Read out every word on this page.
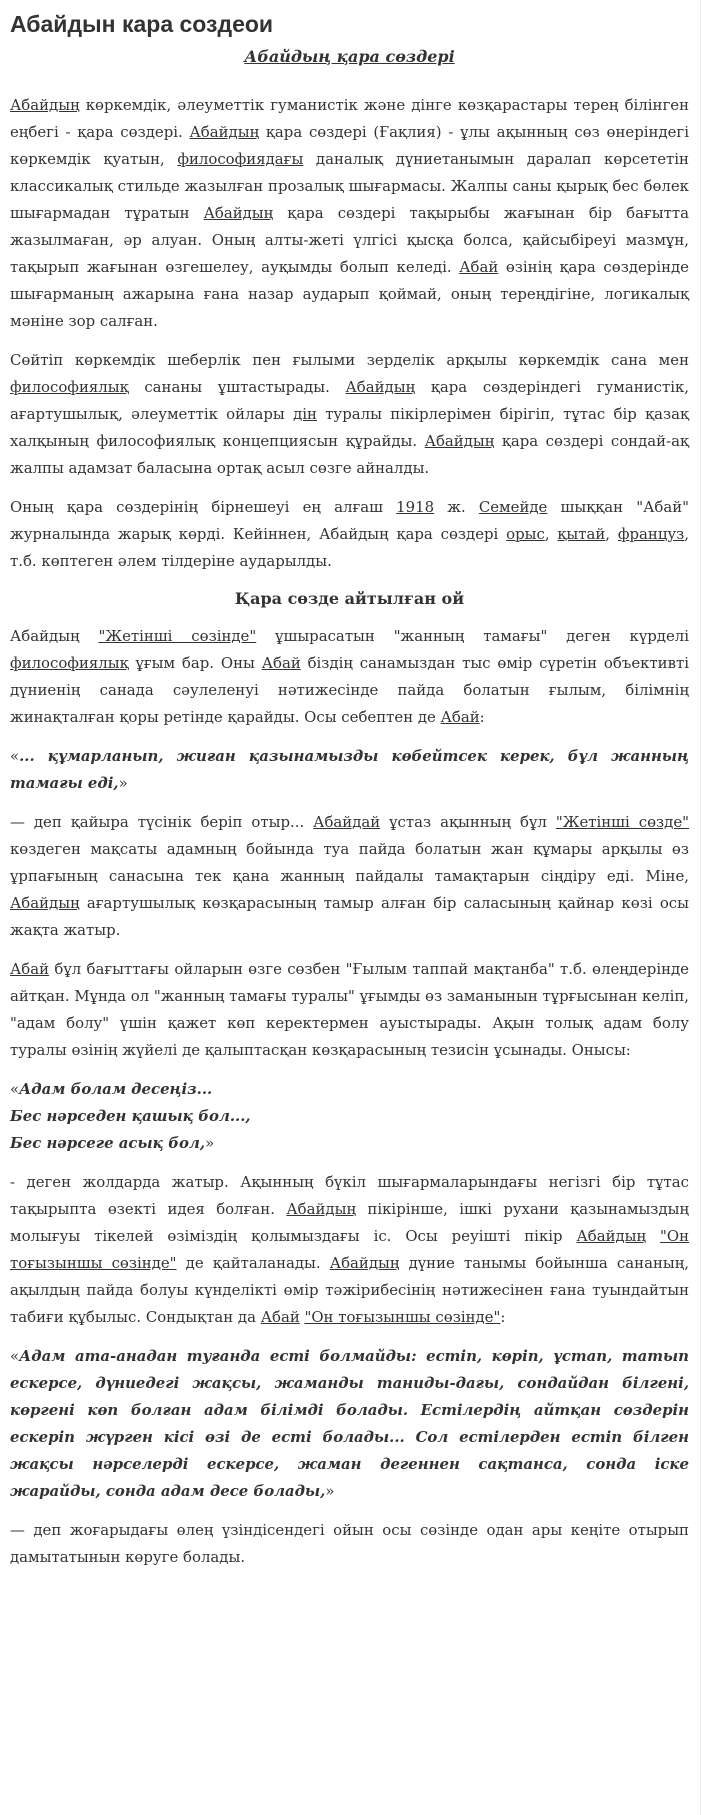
Абайдын кара создеои
Абайдың қара сөздері

Абайдың көркемдік, әлеуметтік гуманистік және дінге көзқарастары терең білінген еңбегі - қара сөздері. Абайдың қара сөздері (Ғақлия) - ұлы ақынның сөз өнеріндегі көркемдік қуатын, философиядағы даналық дүниетанымын даралап көрсететін классикалық стильде жазылған прозалық шығармасы. Жалпы саны қырық бес бөлек шығармадан тұратын Абайдың қара сөздері тақырыбы жағынан бір бағытта жазылмаған, әр алуан. Оның алты-жеті үлгісі қысқа болса, қайсыбіреуі мазмұн, тақырып жағынан өзгешелеу, ауқымды болып келеді. Абай өзінің қара сөздерінде шығарманың ажарына ғана назар аударып қоймай, оның тереңдігіне, логикалық мәніне зор салған.

Сөйтіп көркемдік шеберлік пен ғылыми зерделік арқылы көркемдік сана мен философиялық сананы ұштастырады. Абайдың қара сөздеріндегі гуманистік, ағартушылық, әлеуметтік ойлары дін туралы пікірлерімен бірігіп, тұтас бір қазақ халқының философиялық концепциясын құрайды. Абайдың қара сөздері сондай-ақ жалпы адамзат баласына ортақ асыл сөзге айналды.

Оның қара сөздерінің бірнешеуі ең алғаш 1918 ж. Семейде шыққан "Абай" журналында жарық көрді. Кейіннен, Абайдың қара сөздері орыс, қытай, француз, т.б. көптеген әлем тілдеріне аударылды.

Қара сөзде айтылған ой

Абайдың "Жетінші сөзінде" ұшырасатын "жанның тамағы" деген күрделі философиялық ұғым бар. Оны Абай біздің санамыздан тыс өмір сүретін объективті дүниенің санада сәулеленуі нәтижесінде пайда болатын ғылым, білімнің жинақталған қоры ретінде қарайды. Осы себептен де Абай:

«... құмарланып, жиған қазынамызды көбейтсек керек, бұл жанның тамағы еді,»

— деп қайыра түсінік беріп отыр... Абайдай ұстаз ақынның бұл "Жетінші сөзде" көздеген мақсаты адамның бойында туа пайда болатын жан құмары арқылы өз ұрпағының санасына тек қана жанның пайдалы тамақтарын сіңдіру еді. Міне, Абайдың ағартушылық көзқарасының тамыр алған бір саласының қайнар көзі осы жақта жатыр.

Абай бұл бағыттағы ойларын өзге сөзбен "Ғылым таппай мақтанба" т.б. өлеңдерінде айтқан. Мұнда ол "жанның тамағы туралы" ұғымды өз заманынын тұрғысынан келіп, "адам болу" үшін қажет көп керектермен ауыстырады. Ақын толық адам болу туралы өзінің жүйелі де қалыптасқан көзқарасының тезисін ұсынады. Онысы:

«Адам болам десеңіз...
Бес нәрседен қашық бол...,
Бес нәрсеге асық бол,»

- деген жолдарда жатыр. Ақынның бүкіл шығармаларындағы негізгі бір тұтас тақырыпта өзекті идея болған. Абайдың пікірінше, ішкі рухани қазынамыздың молығуы тікелей өзіміздің қолымыздағы іс. Осы реуішті пікір Абайдың "Он тоғызыншы сөзінде" де қайталанады. Абайдың дүние танымы бойынша сананың, ақылдың пайда болуы күнделікті өмір тәжірибесінің нәтижесінен ғана туындайтын табиғи құбылыс. Сондықтан да Абай "Он тоғызыншы сөзінде":

«Адам ата-анадан туғанда есті болмайды: естіп, көріп, ұстап, татып ескерсе, дүниедегі жақсы, жаманды таниды-дағы, сондайдан білгені, көргені көп болған адам білімді болады. Естілердің айтқан сөздерін ескеріп жүрген кісі өзі де есті болады... Сол естілерден естіп білген жақсы нәрселерді ескерсе, жаман дегеннен сақтанса, сонда іске жарайды, сонда адам десе болады,»

— деп жоғарыдағы өлең үзіндісендегі ойын осы сөзінде одан ары кеңіте отырып дамытатынын көруге болады.
